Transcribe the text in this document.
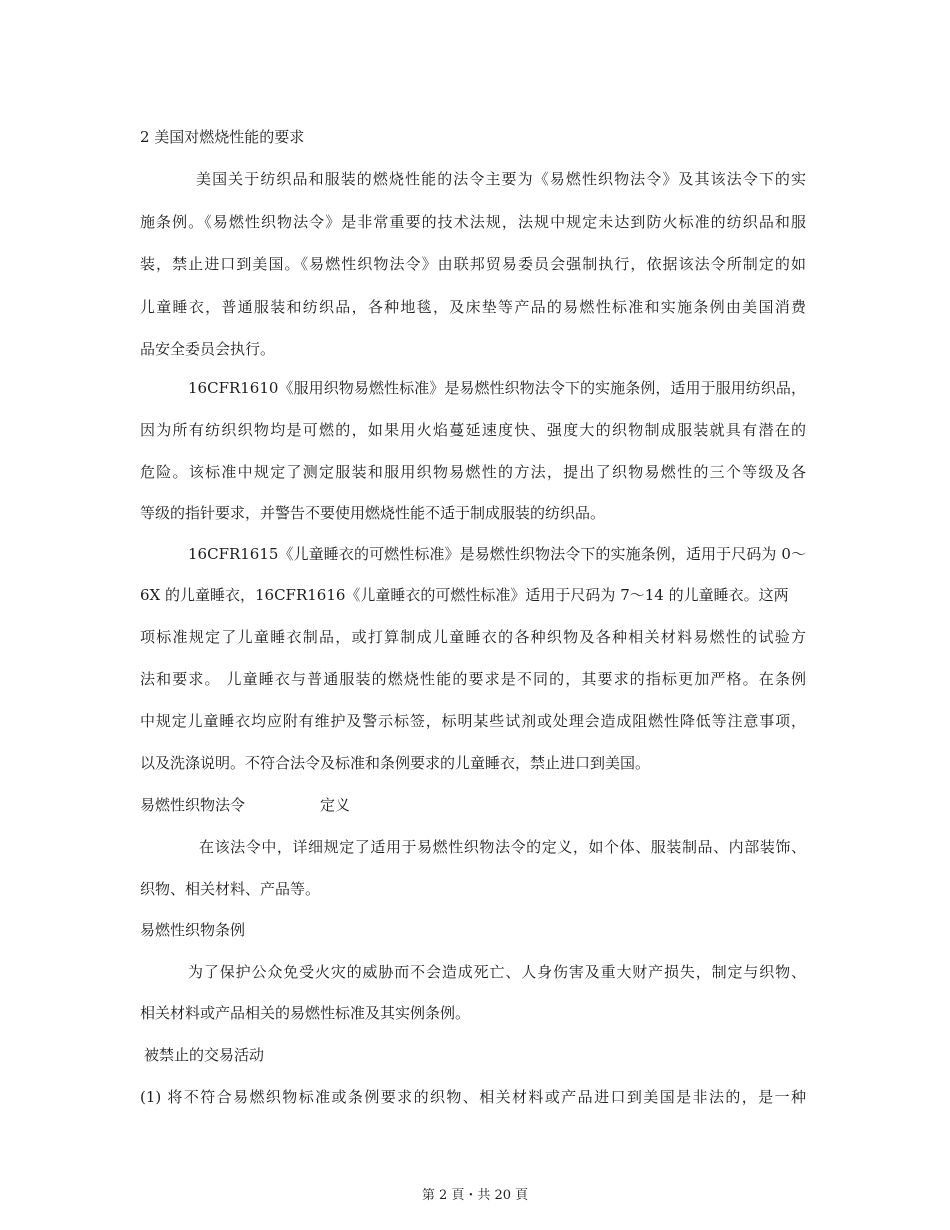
2 美国对燃烧性能的要求
美国关于纺织品和服装的燃烧性能的法令主要为《易燃性织物法令》及其该法令下的实
施条例。《易燃性织物法令》是非常重要的技术法规，法规中规定未达到防火标准的纺织品和服
装，禁止进口到美国。《易燃性织物法令》由联邦贸易委员会强制执行，依据该法令所制定的如
儿童睡衣，普通服装和纺织品，各种地毯，及床垫等产品的易燃性标准和实施条例由美国消费
品安全委员会执行。
16CFR1610《服用织物易燃性标准》是易燃性织物法令下的实施条例，适用于服用纺织品，
因为所有纺织织物均是可燃的，如果用火焰蔓延速度快、强度大的织物制成服装就具有潜在的
危险。该标准中规定了测定服装和服用织物易燃性的方法，提出了织物易燃性的三个等级及各
等级的指针要求，并警告不要使用燃烧性能不适于制成服装的纺织品。
16CFR1615《儿童睡衣的可燃性标准》是易燃性织物法令下的实施条例，适用于尺码为 0～
6X 的儿童睡衣，16CFR1616《儿童睡衣的可燃性标准》适用于尺码为 7～14 的儿童睡衣。这两
项标准规定了儿童睡衣制品，或打算制成儿童睡衣的各种织物及各种相关材料易燃性的试验方
法和要求。 儿童睡衣与普通服装的燃烧性能的要求是不同的，其要求的指标更加严格。在条例
中规定儿童睡衣均应附有维护及警示标签，标明某些试剂或处理会造成阻燃性降低等注意事项，
以及洗涤说明。不符合法令及标准和条例要求的儿童睡衣，禁止进口到美国。
易燃性织物法令	定义
在该法令中，详细规定了适用于易燃性织物法令的定义，如个体、服装制品、内部装饰、
织物、相关材料、产品等。
易燃性织物条例
为了保护公众免受火灾的威胁而不会造成死亡、人身伤害及重大财产损失，制定与织物、
相关材料或产品相关的易燃性标准及其实例条例。
被禁止的交易活动
(1) 将不符合易燃织物标准或条例要求的织物、相关材料或产品进口到美国是非法的，是一种
第 2 頁・共 20 頁
